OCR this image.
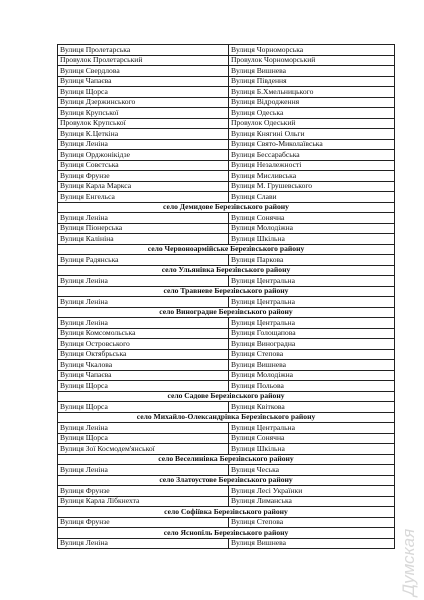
Вулиця Пролетарська	Вулиця Чорноморська
Провулок Пролетарський	Провулок Чорноморський
Вулиця Свердлова	Вулиця Вишнева
Вулиця Чапаєва	Вулиця Південня
Вулиця Щорса	Вулиця Б.Хмельницького
Вулиця Дзержинського	Вулиця Відродження
Вулиця Крупської	Вулиця Одеська
Провулок Крупської	Провулок Одеський
Вулиця К.Цеткіна	Вулиця Княгині Ольги
Вулиця Леніна	Вулиця Свято-Миколаївська
Вулиця Орджонікідзе	Вулиця Бессарабська
Вулиця Совєтська	Вулиця Незалежності
Вулиця Фрунзе	Вулиця Мисливська
Вулиця Карла Маркса	Вулиця М. Грушевського
Вулиця Енгельса	Вулиця Слави
село Демидове Березівського району	
Вулиця Леніна	Вулиця Сонячна
Вулиця Піонерська	Вулиця Молодіжна
Вулиця Калініна	Вулиця Шкільна
село Червоноармійське Березівського району	
Вулиця Радянська	Вулиця Паркова
село Ульянівка Березівського району	
Вулиця Леніна	Вулиця Центральна
село Травневе Березівського району	
Вулиця Леніна	Вулиця Центральна
село Виноградне Березівського району	
Вулиця Леніна	Вулиця Центральна
Вулиця Комсомольська	Вулиця Голощапова
Вулиця Островського	Вулиця Виноградна
Вулиця Октябрьська	Вулиця Степова
Вулиця Чкалова	Вулиця Вишнева
Вулиця Чапаєва	Вулиця Молодіжна
Вулиця Щорса	Вулиця Польова
село Садове Березівського району	
Вулиця Щорса	Вулиця Квіткова
село Михайло-Олександрівка Березівського району	
Вулиця Леніна	Вулиця Центральна
Вулиця Щорса	Вулиця Сонячна
Вулиця Зої Космодем'янської	Вулиця Шкільна
село Веселинівка Березівського району	
Вулиця Леніна	Вулиця Чеська
село Златоустове Березівського району	
Вулиця Фрунзе	Вулиця Лесі Українки
Вулиця Карла Лібкнехта	Вулиця Лиманська
село Софіївка Березівського району	
Вулиця Фрунзе	Вулиця Степова
село Яснопіль Березівського району	
Вулиця Леніна	Вулиця Вишнева	Думская
